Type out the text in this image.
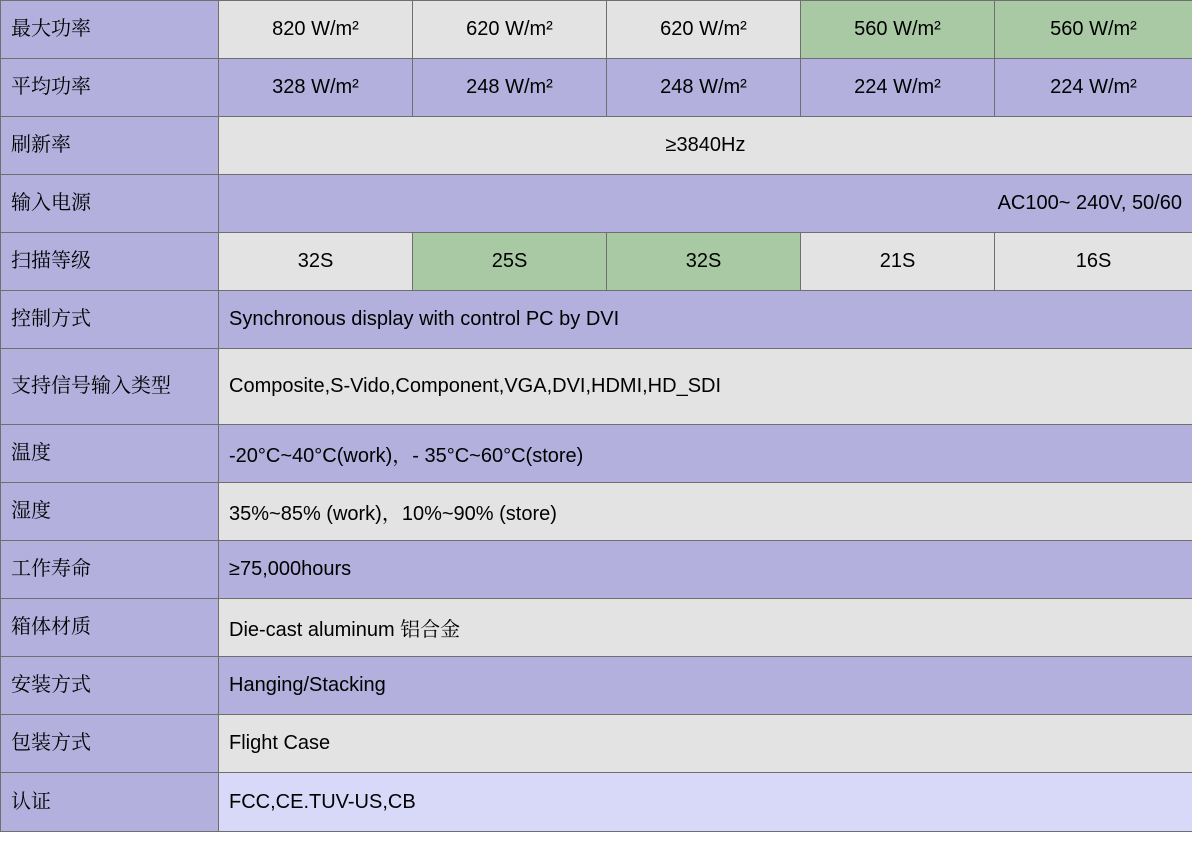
最大功率	820 W/m²	620 W/m²	620 W/m²	560 W/m²	560 W/m²
平均功率	328 W/m²	248 W/m²	248 W/m²	224 W/m²	224 W/m²
刷新率	≥3840Hz				
输入电源	AC100~ 240V, 50/60				
扫描等级	32S	25S	32S	21S	16S
控制方式	Synchronous display with control PC by DVI				
支持信号输入类型	Composite,S-Vido,Component,VGA,DVI,HDMI,HD_SDI				
温度	-20°C~40°C(work)，- 35°C~60°C(store)				
湿度	35%~85% (work)，10%~90% (store)				
工作寿命	≥75,000hours				
箱体材质	Die-cast aluminum 铝合金				
安装方式	Hanging/Stacking				
包装方式	Flight Case				
认证	FCC,CE.TUV-US,CB				
